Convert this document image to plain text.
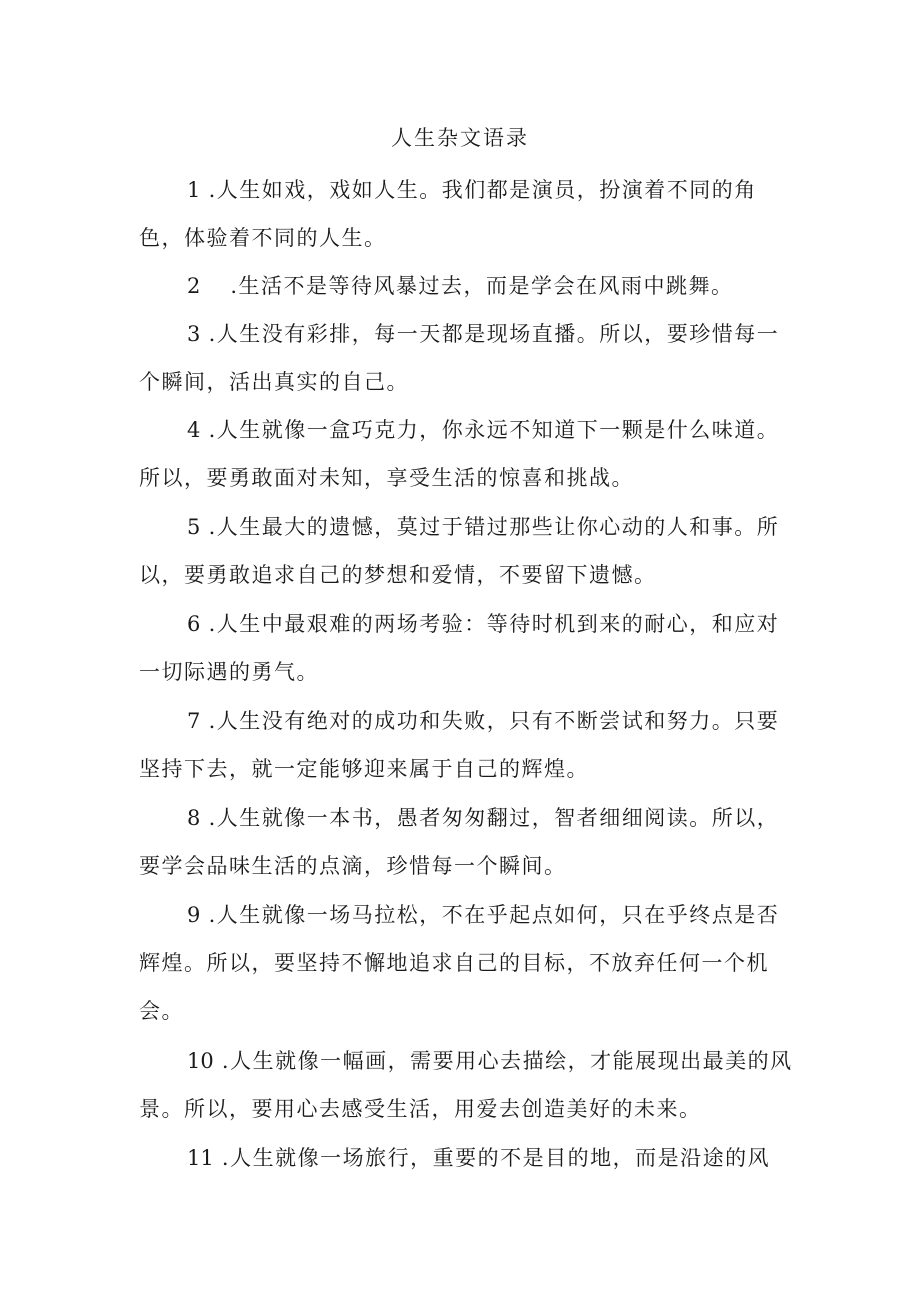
人生杂文语录

1 .人生如戏，戏如人生。我们都是演员，扮演着不同的角色，体验着不同的人生。

2 .生活不是等待风暴过去，而是学会在风雨中跳舞。

3 .人生没有彩排，每一天都是现场直播。所以，要珍惜每一个瞬间，活出真实的自己。

4 .人生就像一盒巧克力，你永远不知道下一颗是什么味道。所以，要勇敢面对未知，享受生活的惊喜和挑战。

5 .人生最大的遗憾，莫过于错过那些让你心动的人和事。所以，要勇敢追求自己的梦想和爱情，不要留下遗憾。

6 .人生中最艰难的两场考验：等待时机到来的耐心，和应对一切际遇的勇气。

7 .人生没有绝对的成功和失败，只有不断尝试和努力。只要坚持下去，就一定能够迎来属于自己的辉煌。

8 .人生就像一本书，愚者匆匆翻过，智者细细阅读。所以，要学会品味生活的点滴，珍惜每一个瞬间。

9 .人生就像一场马拉松，不在乎起点如何，只在乎终点是否辉煌。所以，要坚持不懈地追求自己的目标，不放弃任何一个机会。

10 .人生就像一幅画，需要用心去描绘，才能展现出最美的风景。所以，要用心去感受生活，用爱去创造美好的未来。

11 .人生就像一场旅行，重要的不是目的地，而是沿途的风
